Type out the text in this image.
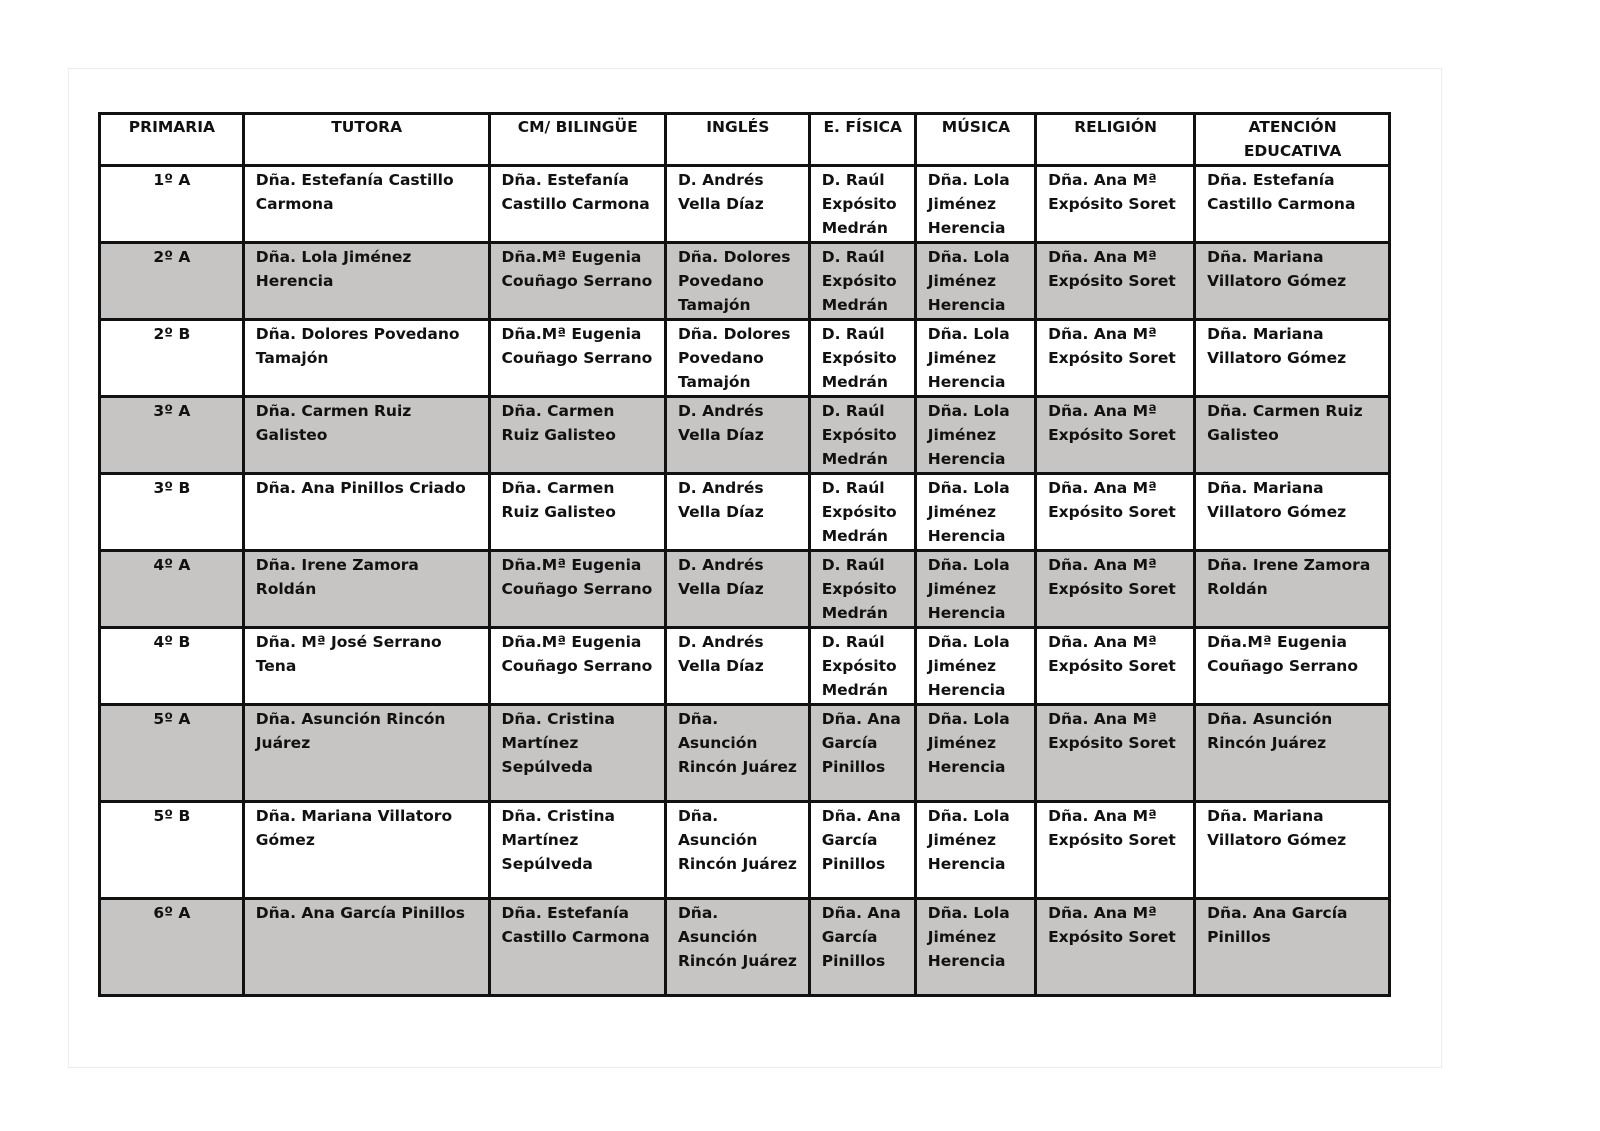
PRIMARIA	TUTORA	CM/ BILINGÜE	INGLÉS	E. FÍSICA	MÚSICA	RELIGIÓN	ATENCIÓN EDUCATIVA
1º A	Dña. Estefanía Castillo Carmona	Dña. Estefanía Castillo Carmona	D. Andrés Vella Díaz	D. Raúl Expósito Medrán	Dña. Lola Jiménez Herencia	Dña. Ana Mª Expósito Soret	Dña. Estefanía Castillo Carmona
2º A	Dña. Lola Jiménez Herencia	Dña.Mª Eugenia Couñago Serrano	Dña. Dolores Povedano Tamajón	D. Raúl Expósito Medrán	Dña. Lola Jiménez Herencia	Dña. Ana Mª Expósito Soret	Dña. Mariana Villatoro Gómez
2º B	Dña. Dolores Povedano Tamajón	Dña.Mª Eugenia Couñago Serrano	Dña. Dolores Povedano Tamajón	D. Raúl Expósito Medrán	Dña. Lola Jiménez Herencia	Dña. Ana Mª Expósito Soret	Dña. Mariana Villatoro Gómez
3º A	Dña. Carmen Ruiz Galisteo	Dña. Carmen Ruiz Galisteo	D. Andrés Vella Díaz	D. Raúl Expósito Medrán	Dña. Lola Jiménez Herencia	Dña. Ana Mª Expósito Soret	Dña. Carmen Ruiz Galisteo
3º B	Dña. Ana Pinillos Criado	Dña. Carmen Ruiz Galisteo	D. Andrés Vella Díaz	D. Raúl Expósito Medrán	Dña. Lola Jiménez Herencia	Dña. Ana Mª Expósito Soret	Dña. Mariana Villatoro Gómez
4º A	Dña. Irene Zamora Roldán	Dña.Mª Eugenia Couñago Serrano	D. Andrés Vella Díaz	D. Raúl Expósito Medrán	Dña. Lola Jiménez Herencia	Dña. Ana Mª Expósito Soret	Dña. Irene Zamora Roldán
4º B	Dña. Mª José Serrano Tena	Dña.Mª Eugenia Couñago Serrano	D. Andrés Vella Díaz	D. Raúl Expósito Medrán	Dña. Lola Jiménez Herencia	Dña. Ana Mª Expósito Soret	Dña.Mª Eugenia Couñago Serrano
5º A	Dña. Asunción Rincón Juárez	Dña. Cristina Martínez Sepúlveda	Dña. Asunción Rincón Juárez	Dña. Ana García Pinillos	Dña. Lola Jiménez Herencia	Dña. Ana Mª Expósito Soret	Dña. Asunción Rincón Juárez
5º B	Dña. Mariana Villatoro Gómez	Dña. Cristina Martínez Sepúlveda	Dña. Asunción Rincón Juárez	Dña. Ana García Pinillos	Dña. Lola Jiménez Herencia	Dña. Ana Mª Expósito Soret	Dña. Mariana Villatoro Gómez
6º A	Dña. Ana García Pinillos	Dña. Estefanía Castillo Carmona	Dña. Asunción Rincón Juárez	Dña. Ana García Pinillos	Dña. Lola Jiménez Herencia	Dña. Ana Mª Expósito Soret	Dña. Ana García Pinillos
